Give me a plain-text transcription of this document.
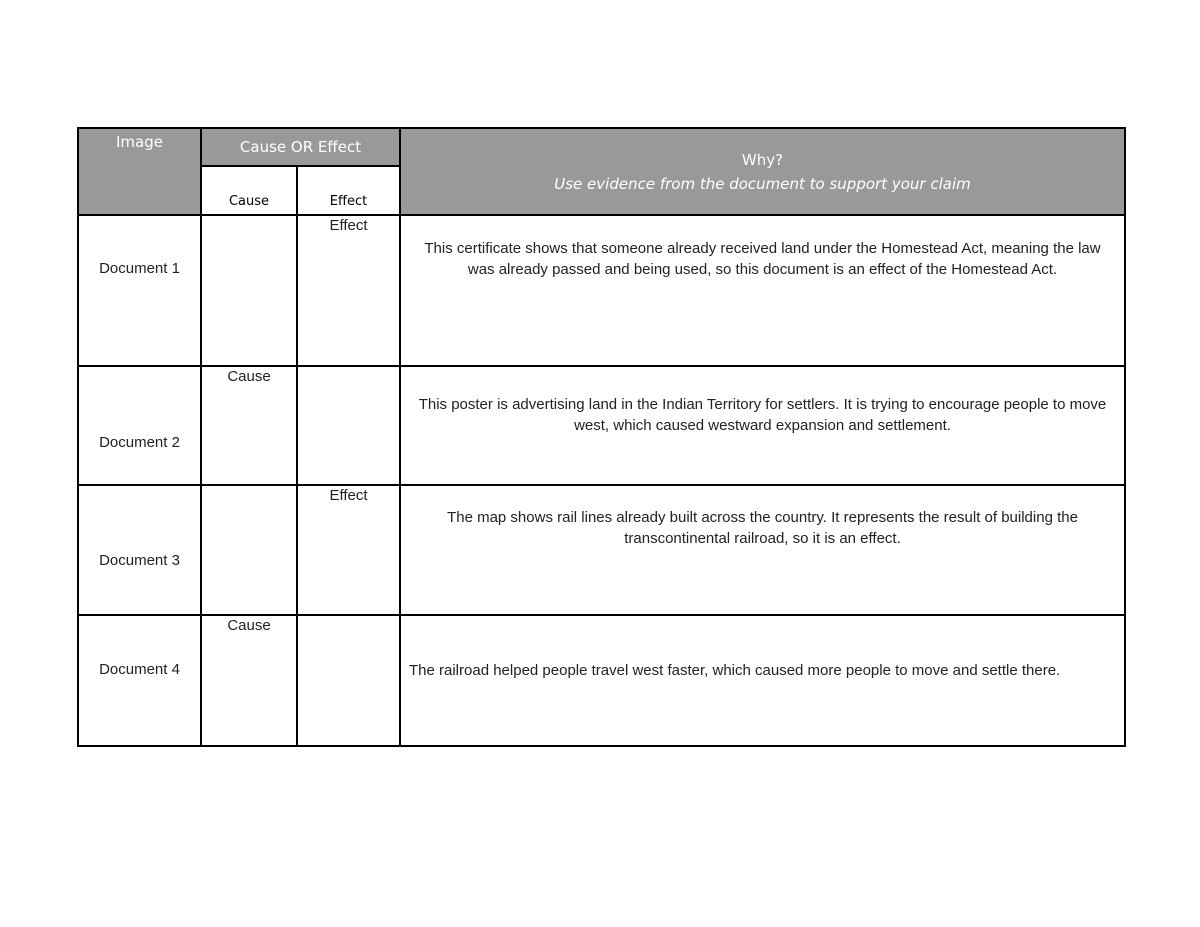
Image	Cause OR Effect		Why?
Use evidence from the document to support your claim

	Cause	Effect	

Document 1		Effect	This certificate shows that someone already received land under the Homestead Act, meaning the law was already passed and being used, so this document is an effect of the Homestead Act.

Document 2	Cause		This poster is advertising land in the Indian Territory for settlers. It is trying to encourage people to move west, which caused westward expansion and settlement.

Document 3		Effect	The map shows rail lines already built across the country. It represents the result of building the transcontinental railroad, so it is an effect.

Document 4	Cause		The railroad helped people travel west faster, which caused more people to move and settle there.
